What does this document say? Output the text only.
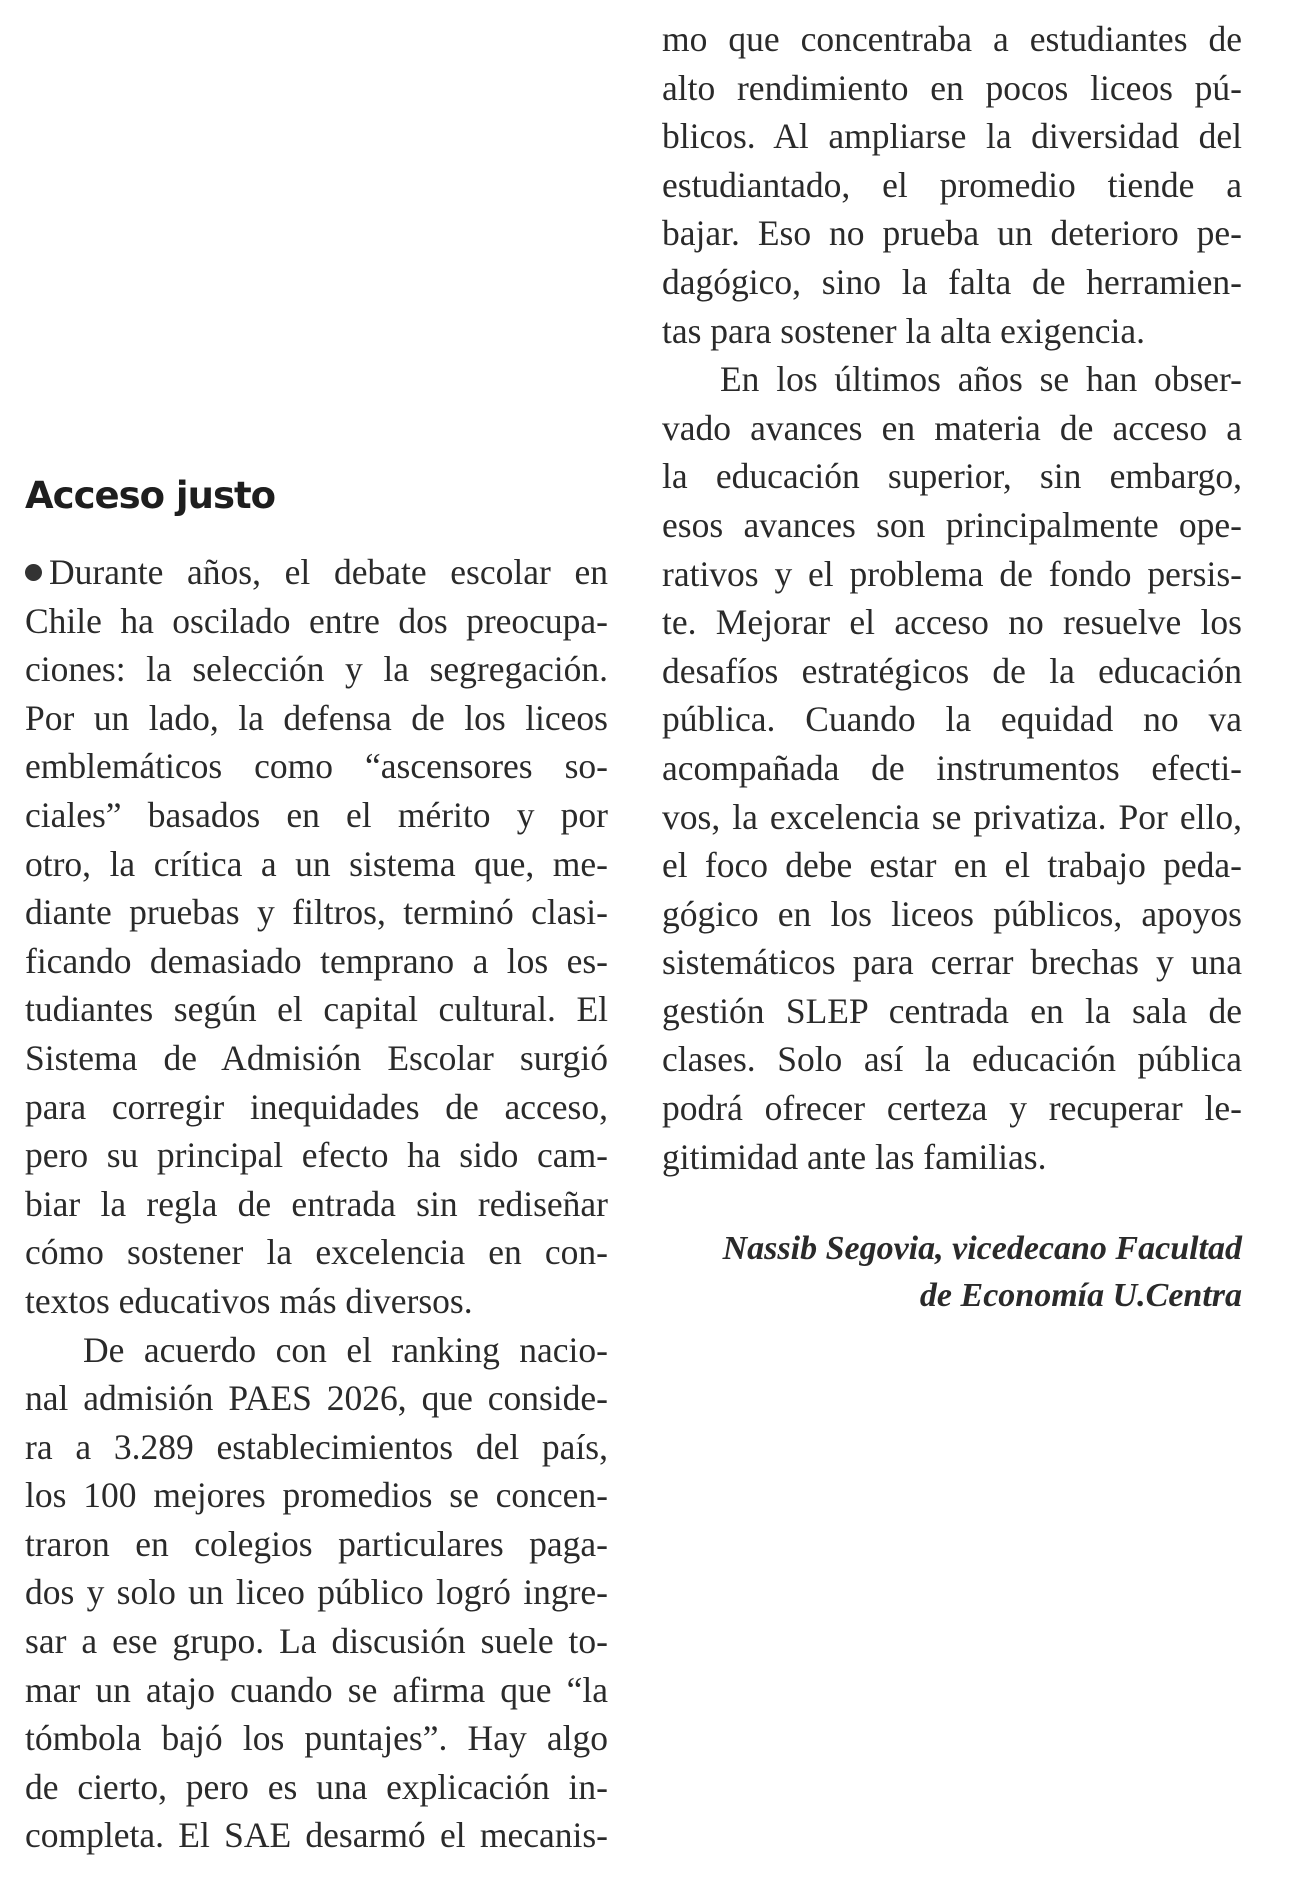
Acceso justo
Durante años, el debate escolar en
Chile ha oscilado entre dos preocupa-
ciones: la selección y la segregación.
Por un lado, la defensa de los liceos
emblemáticos como “ascensores so-
ciales” basados en el mérito y por
otro, la crítica a un sistema que, me-
diante pruebas y filtros, terminó clasi-
ficando demasiado temprano a los es-
tudiantes según el capital cultural. El
Sistema de Admisión Escolar surgió
para corregir inequidades de acceso,
pero su principal efecto ha sido cam-
biar la regla de entrada sin rediseñar
cómo sostener la excelencia en con-
textos educativos más diversos.
De acuerdo con el ranking nacio-
nal admisión PAES 2026, que conside-
ra a 3.289 establecimientos del país,
los 100 mejores promedios se concen-
traron en colegios particulares paga-
dos y solo un liceo público logró ingre-
sar a ese grupo. La discusión suele to-
mar un atajo cuando se afirma que “la
tómbola bajó los puntajes”. Hay algo
de cierto, pero es una explicación in-
completa. El SAE desarmó el mecanis-
mo que concentraba a estudiantes de
alto rendimiento en pocos liceos pú-
blicos. Al ampliarse la diversidad del
estudiantado, el promedio tiende a
bajar. Eso no prueba un deterioro pe-
dagógico, sino la falta de herramien-
tas para sostener la alta exigencia.
En los últimos años se han obser-
vado avances en materia de acceso a
la educación superior, sin embargo,
esos avances son principalmente ope-
rativos y el problema de fondo persis-
te. Mejorar el acceso no resuelve los
desafíos estratégicos de la educación
pública. Cuando la equidad no va
acompañada de instrumentos efecti-
vos, la excelencia se privatiza. Por ello,
el foco debe estar en el trabajo peda-
gógico en los liceos públicos, apoyos
sistemáticos para cerrar brechas y una
gestión SLEP centrada en la sala de
clases. Solo así la educación pública
podrá ofrecer certeza y recuperar le-
gitimidad ante las familias.
Nassib Segovia, vicedecano Facultad
de Economía U.Centra
